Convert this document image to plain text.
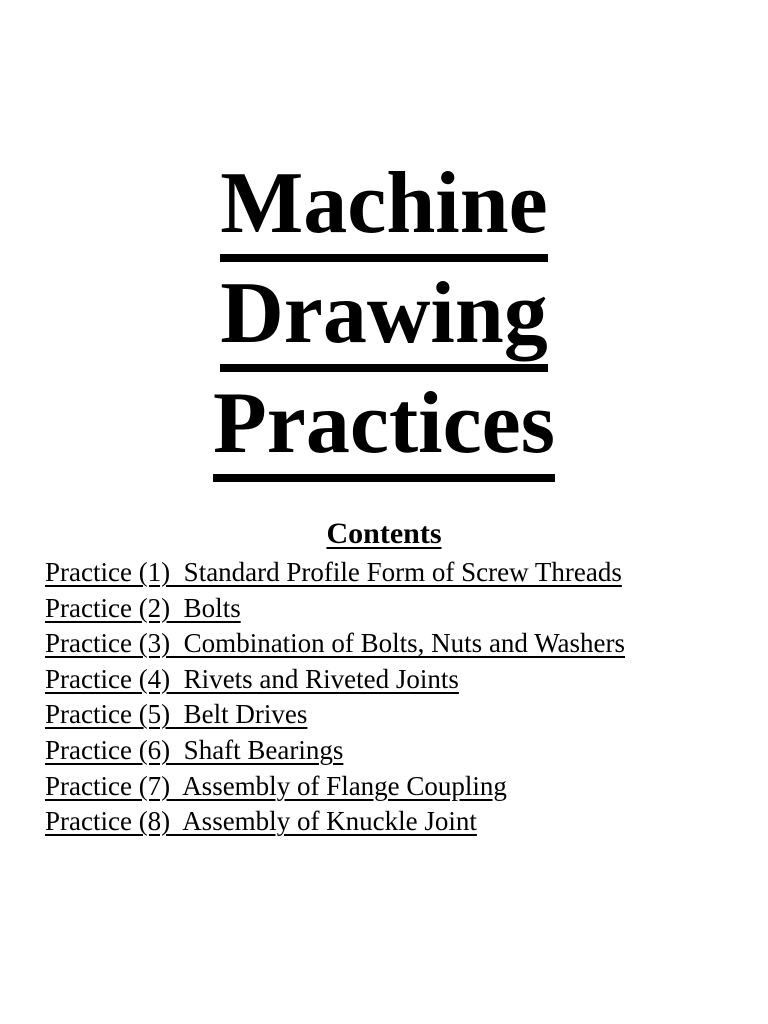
Machine
Drawing
Practices
Contents
Practice (1)  Standard Profile Form of Screw Threads
Practice (2)  Bolts
Practice (3)  Combination of Bolts, Nuts and Washers
Practice (4)  Rivets and Riveted Joints
Practice (5)  Belt Drives
Practice (6)  Shaft Bearings
Practice (7)  Assembly of Flange Coupling
Practice (8)  Assembly of Knuckle Joint
